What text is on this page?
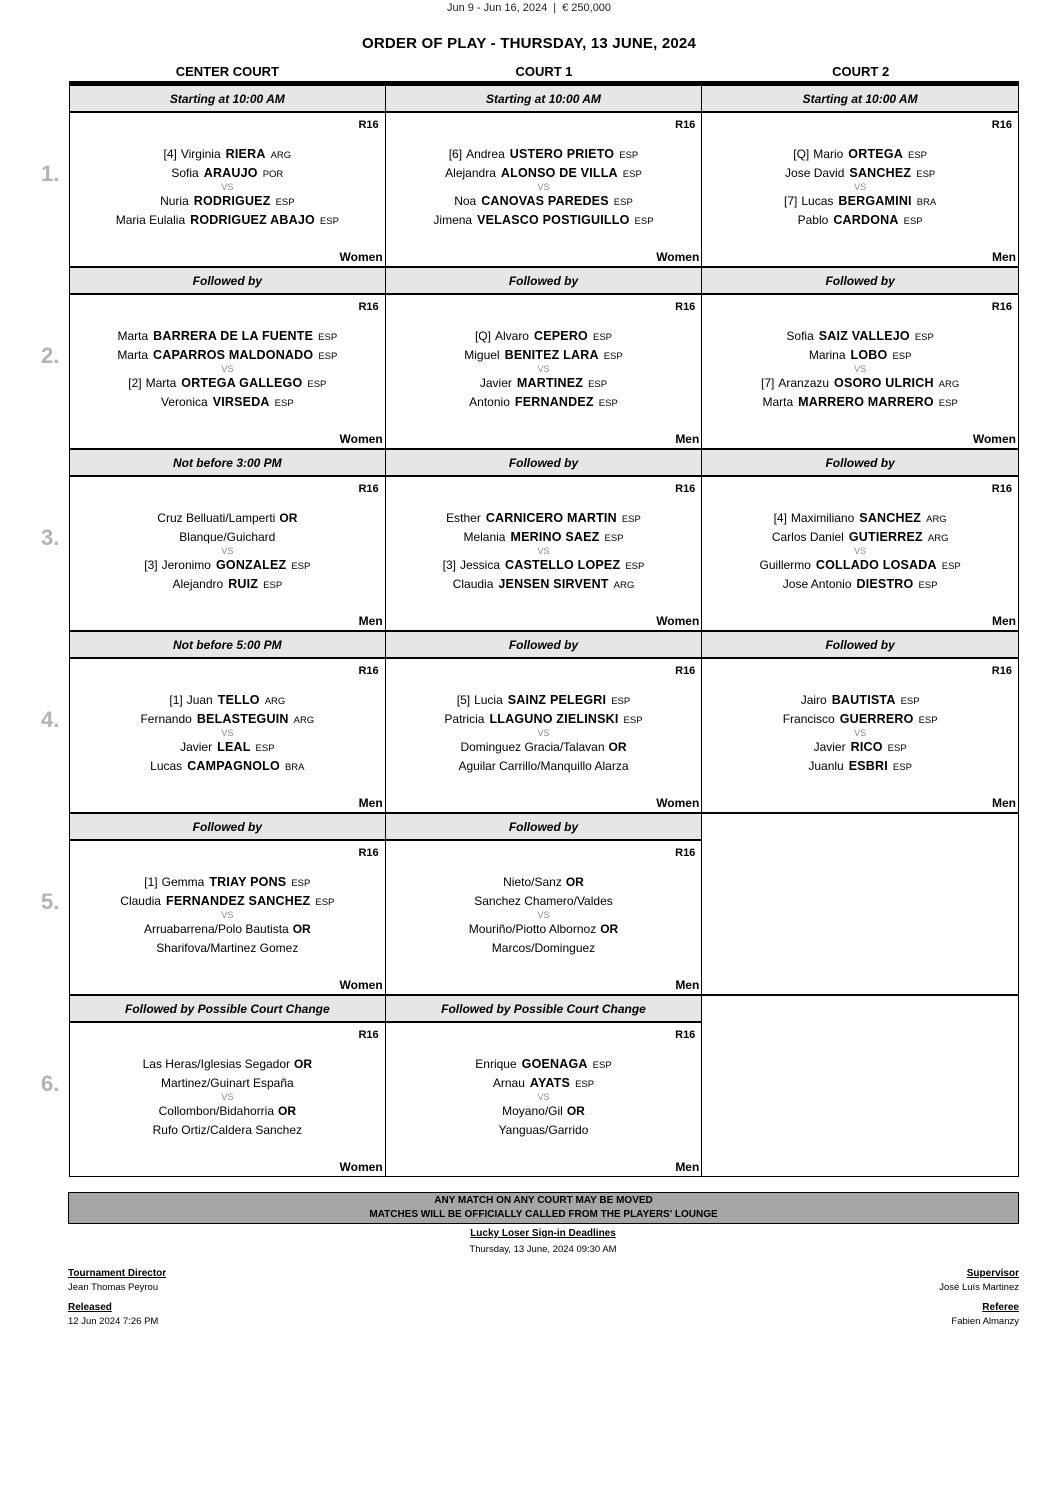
Jun 9 - Jun 16, 2024 | € 250,000
ORDER OF PLAY - THURSDAY, 13 JUNE, 2024
CENTER COURT	COURT 1	COURT 2
Starting at 10:00 AM	Starting at 10:00 AM	Starting at 10:00 AM
R16
[4] Virginia RIERA ARG
Sofia ARAUJO POR
VS
Nuria RODRIGUEZ ESP
Maria Eulalia RODRIGUEZ ABAJO ESP
Women
R16
[6] Andrea USTERO PRIETO ESP
Alejandra ALONSO DE VILLA ESP
VS
Noa CANOVAS PAREDES ESP
Jimena VELASCO POSTIGUILLO ESP
Women
R16
[Q] Mario ORTEGA ESP
Jose David SANCHEZ ESP
VS
[7] Lucas BERGAMINI BRA
Pablo CARDONA ESP
Men
1.
Followed by	Followed by	Followed by
R16
Marta BARRERA DE LA FUENTE ESP
Marta CAPARROS MALDONADO ESP
VS
[2] Marta ORTEGA GALLEGO ESP
Veronica VIRSEDA ESP
Women
R16
[Q] Alvaro CEPERO ESP
Miguel BENITEZ LARA ESP
VS
Javier MARTINEZ ESP
Antonio FERNANDEZ ESP
Men
R16
Sofia SAIZ VALLEJO ESP
Marina LOBO ESP
VS
[7] Aranzazu OSORO ULRICH ARG
Marta MARRERO MARRERO ESP
Women
2.
Not before 3:00 PM	Followed by	Followed by
R16
Cruz Belluati/Lamperti OR
Blanque/Guichard
VS
[3] Jeronimo GONZALEZ ESP
Alejandro RUIZ ESP
Men
R16
Esther CARNICERO MARTIN ESP
Melania MERINO SAEZ ESP
VS
[3] Jessica CASTELLO LOPEZ ESP
Claudia JENSEN SIRVENT ARG
Women
R16
[4] Maximiliano SANCHEZ ARG
Carlos Daniel GUTIERREZ ARG
VS
Guillermo COLLADO LOSADA ESP
Jose Antonio DIESTRO ESP
Men
3.
Not before 5:00 PM	Followed by	Followed by
R16
[1] Juan TELLO ARG
Fernando BELASTEGUIN ARG
VS
Javier LEAL ESP
Lucas CAMPAGNOLO BRA
Men
R16
[5] Lucia SAINZ PELEGRI ESP
Patricia LLAGUNO ZIELINSKI ESP
VS
Dominguez Gracia/Talavan OR
Aguilar Carrillo/Manquillo Alarza
Women
R16
Jairo BAUTISTA ESP
Francisco GUERRERO ESP
VS
Javier RICO ESP
Juanlu ESBRI ESP
Men
4.
Followed by	Followed by
R16
[1] Gemma TRIAY PONS ESP
Claudia FERNANDEZ SANCHEZ ESP
VS
Arruabarrena/Polo Bautista OR
Sharifova/Martinez Gomez
Women
R16
Nieto/Sanz OR
Sanchez Chamero/Valdes
VS
Mouriño/Piotto Albornoz OR
Marcos/Dominguez
Men
5.
Followed by Possible Court Change	Followed by Possible Court Change
R16
Las Heras/Iglesias Segador OR
Martinez/Guinart España
VS
Collombon/Bidahorria OR
Rufo Ortiz/Caldera Sanchez
Women
R16
Enrique GOENAGA ESP
Arnau AYATS ESP
VS
Moyano/Gil OR
Yanguas/Garrido
Men
6.
ANY MATCH ON ANY COURT MAY BE MOVED
MATCHES WILL BE OFFICIALLY CALLED FROM THE PLAYERS' LOUNGE
Lucky Loser Sign-in Deadlines
Thursday, 13 June, 2024 09:30 AM
Tournament Director
Jean Thomas Peyrou
Released
12 Jun 2024 7:26 PM
Supervisor
José Luís Martinez
Referee
Fabien Almanzy
